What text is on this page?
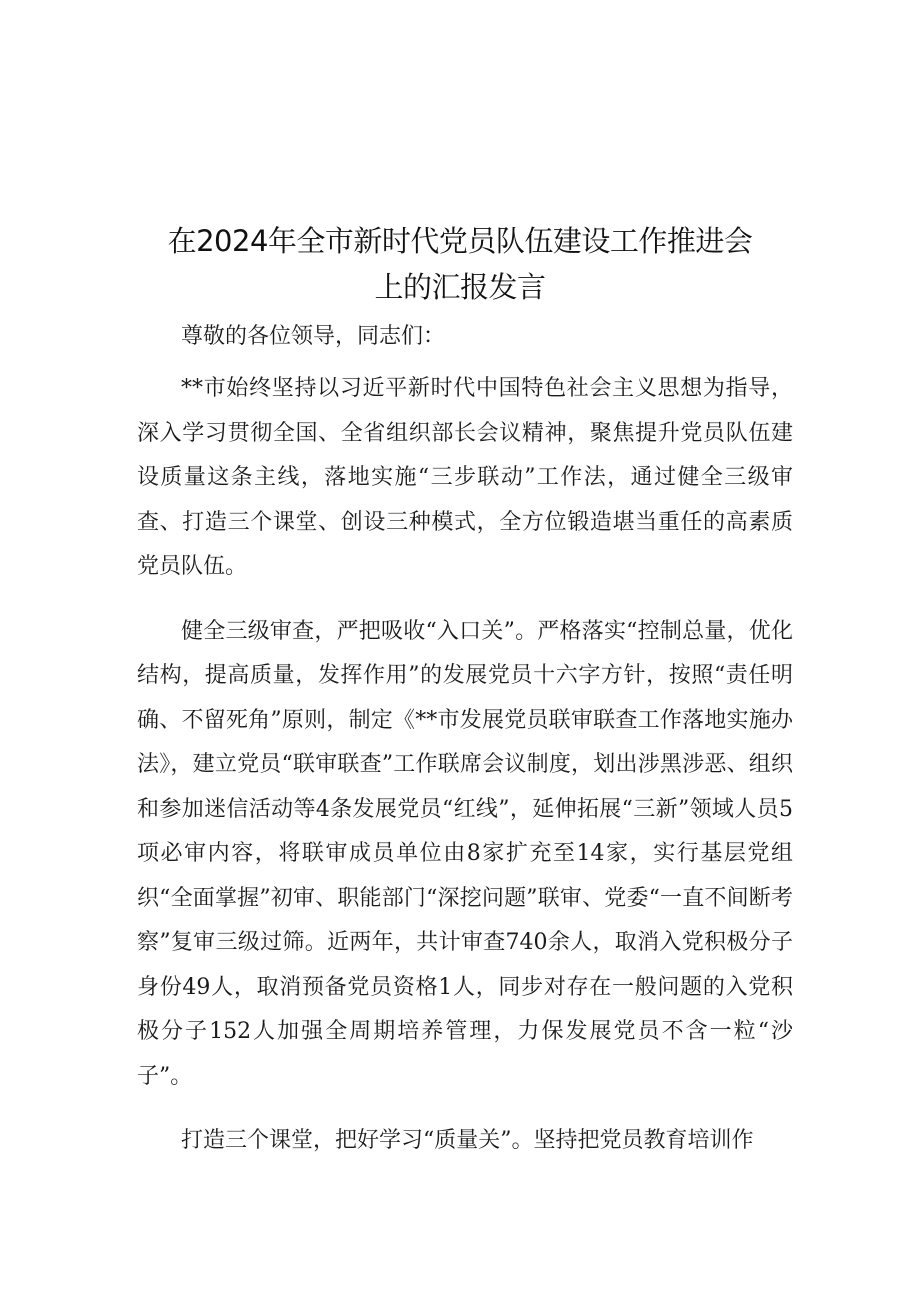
在2024年全市新时代党员队伍建设工作推进会
上的汇报发言

尊敬的各位领导，同志们：

**市始终坚持以习近平新时代中国特色社会主义思想为指导，深入学习贯彻全国、全省组织部长会议精神，聚焦提升党员队伍建设质量这条主线，落地实施“三步联动”工作法，通过健全三级审查、打造三个课堂、创设三种模式，全方位锻造堪当重任的高素质党员队伍。

健全三级审查，严把吸收“入口关”。严格落实“控制总量，优化结构，提高质量，发挥作用”的发展党员十六字方针，按照“责任明确、不留死角”原则，制定《**市发展党员联审联查工作落地实施办法》，建立党员“联审联查”工作联席会议制度，划出涉黑涉恶、组织和参加迷信活动等4条发展党员“红线”，延伸拓展“三新”领域人员5项必审内容，将联审成员单位由8家扩充至14家，实行基层党组织“全面掌握”初审、职能部门“深挖问题”联审、党委“一直不间断考察”复审三级过筛。近两年，共计审查740余人，取消入党积极分子身份49人，取消预备党员资格1人，同步对存在一般问题的入党积极分子152人加强全周期培养管理，力保发展党员不含一粒“沙子”。

打造三个课堂，把好学习“质量关”。坚持把党员教育培训作
